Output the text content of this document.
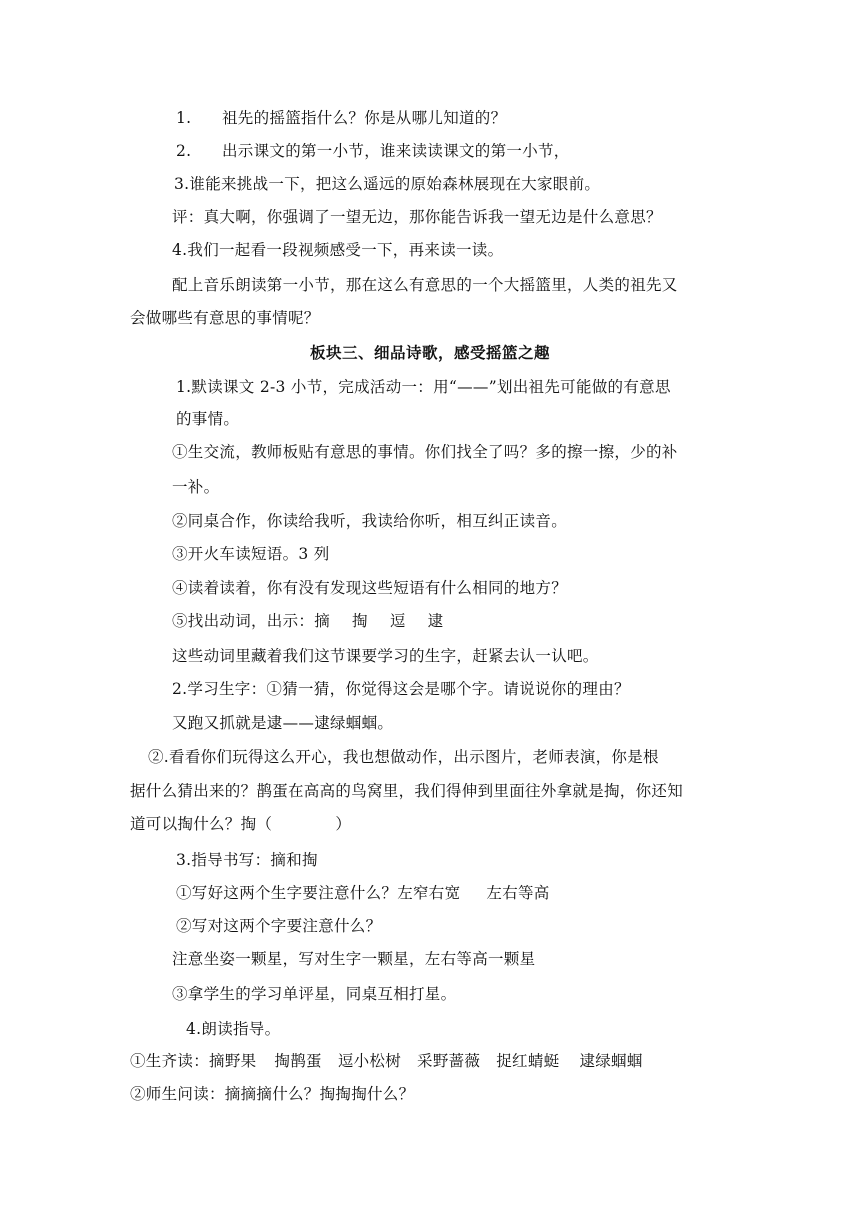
1. 祖先的摇篮指什么？你是从哪儿知道的？
2. 出示课文的第一小节，谁来读读课文的第一小节，
3.谁能来挑战一下，把这么遥远的原始森林展现在大家眼前。
评：真大啊，你强调了一望无边，那你能告诉我一望无边是什么意思？
4.我们一起看一段视频感受一下，再来读一读。
配上音乐朗读第一小节，那在这么有意思的一个大摇篮里，人类的祖先又
会做哪些有意思的事情呢？
板块三、细品诗歌，感受摇篮之趣
1.默读课文 2-3 小节，完成活动一：用“——”划出祖先可能做的有意思
的事情。
①生交流，教师板贴有意思的事情。你们找全了吗？多的擦一擦，少的补
一补。
②同桌合作，你读给我听，我读给你听，相互纠正读音。
③开火车读短语。3 列
④读着读着，你有没有发现这些短语有什么相同的地方？
⑤找出动词，出示：摘 掏 逗 逮
这些动词里藏着我们这节课要学习的生字，赶紧去认一认吧。
2.学习生字：①猜一猜，你觉得这会是哪个字。请说说你的理由？
又跑又抓就是逮——逮绿蝈蝈。
②.看看你们玩得这么开心，我也想做动作，出示图片，老师表演，你是根
据什么猜出来的？鹊蛋在高高的鸟窝里，我们得伸到里面往外拿就是掏，你还知
道可以掏什么？掏（　　　　）
3.指导书写：摘和掏
①写好这两个生字要注意什么？左窄右宽 左右等高
②写对这两个字要注意什么？
注意坐姿一颗星，写对生字一颗星，左右等高一颗星
③拿学生的学习单评星，同桌互相打星。
4.朗读指导。
①生齐读：摘野果 掏鹊蛋 逗小松树 采野蔷薇 捉红蜻蜓 逮绿蝈蝈
②师生问读：摘摘摘什么？掏掏掏什么？
